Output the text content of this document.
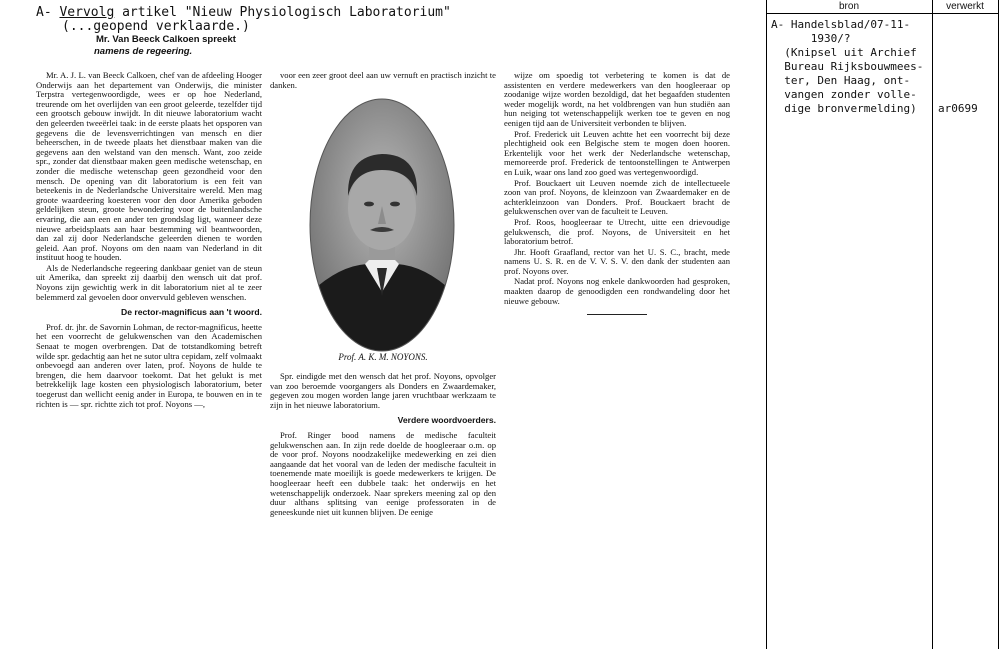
A- Vervolg artikel "Nieuw Physiologisch Laboratorium"
(...geopend verklaarde.)
Mr. Van Beeck Calkoen spreekt
namens de regeering.

Mr. A. J. L. van Beeck Calkoen, chef van de afdeeling Hooger Onderwijs aan het departement van Onderwijs, die minister Terpstra vertegenwoordigde, wees er op hoe Nederland, treurende om het overlijden van een groot geleerde, tezelfder tijd een grootsch gebouw inwijdt. In dit nieuwe laboratorium wacht den geleerden tweeërlei taak: in de eerste plaats het opsporen van gegevens die de levensverrichtingen van mensch en dier beheerschen, in de tweede plaats het dienstbaar maken van die gegevens aan den welstand van den mensch. Want, zoo zeide spr., zonder dat dienstbaar maken geen medische wetenschap, en zonder die medische wetenschap geen gezondheid voor den mensch. De opening van dit laboratorium is een feit van beteekenis in de Nederlandsche Universitaire wereld. Men mag groote waardeering koesteren voor den door Amerika geboden geldelijken steun, groote bewondering voor de buitenlandsche ervaring, die aan een en ander ten grondslag ligt, wanneer deze nieuwe arbeidsplaats aan haar bestemming wil beantwoorden, dan zal zij door Nederlandsche geleerden dienen te worden geleid. Aan prof. Noyons om den naam van Nederland in dit instituut hoog te houden.

Als de Nederlandsche regeering dankbaar geniet van de steun uit Amerika, dan spreekt zij daarbij den wensch uit dat prof. Noyons zijn gewichtig werk in dit laboratorium niet al te zeer belemmerd zal gevoelen door onvervuld gebleven wenschen.

De rector-magnificus aan 't woord.

Prof. dr. jhr. de Savornin Lohman, de rector-magnificus, heette het een voorrecht de gelukwenschen van den Academischen Senaat te mogen overbrengen. Dat de totstandkoming betreft wilde spr. gedachtig aan het ne sutor ultra cepidam, zelf volmaakt onbevoegd aan anderen over laten, prof. Noyons de hulde te brengen, die hem daarvoor toekomt. Dat het gelukt is met betrekkelijk lage kosten een physiologisch laboratorium, beter toegerust dan wellicht eenig ander in Europa, te bouwen en in te richten is — spr. richtte zich tot prof. Noyons —,

voor een zeer groot deel aan uw vernuft en practisch inzicht te danken.

Prof. A. K. M. NOYONS.

Spr. eindigde met den wensch dat het prof. Noyons, opvolger van zoo beroemde voorgangers als Donders en Zwaardemaker, gegeven zou mogen worden lange jaren vruchtbaar werkzaam te zijn in het nieuwe laboratorium.

Verdere woordvoerders.

Prof. Ringer bood namens de medische faculteit gelukwenschen aan. In zijn rede doelde de hoogleeraar o.m. op de voor prof. Noyons noodzakelijke medewerking en zei dien aangaande dat het vooral van de leden der medische faculteit in toenemende mate moeilijk is goede medewerkers te krijgen. De hoogleeraar heeft een dubbele taak: het onderwijs en het wetenschappelijk onderzoek. Naar sprekers meening zal op den duur althans splitsing van eenige professoraten in de geneeskunde niet uit kunnen blijven. De eenige

wijze om spoedig tot verbetering te komen is dat de assistenten en verdere medewerkers van den hoogleeraar op zoodanige wijze worden bezoldigd, dat het begaafden studenten weder mogelijk wordt, na het voldbrengen van hun studiën aan hun neiging tot wetenschappelijk werken toe te geven en nog eenigen tijd aan de Universiteit verbonden te blijven.

Prof. Frederick uit Leuven achtte het een voorrecht bij deze plechtigheid ook een Belgische stem te mogen doen hooren. Erkentelijk voor het werk der Nederlandsche wetenschap, memoreerde prof. Frederick de tentoonstellingen te Antwerpen en Luik, waar ons land zoo goed was vertegenwoordigd.

Prof. Bouckaert uit Leuven noemde zich de intellectueele zoon van prof. Noyons, de kleinzoon van Zwaardemaker en de achterkleinzoon van Donders. Prof. Bouckaert bracht de gelukwenschen over van de faculteit te Leuven.

Prof. Roos, hoogleeraar te Utrecht, uitte een drievoudige gelukwensch, die prof. Noyons, de Universiteit en het laboratorium betrof.

Jhr. Hooft Graafland, rector van het U. S. C., bracht, mede namens U. S. R. en de V. V. S. V. den dank der studenten aan prof. Noyons over.

Nadat prof. Noyons nog enkele dankwoorden had gesproken, maakten daarop de genoodigden een rondwandeling door het nieuwe gebouw.

bron	verwerkt
A- Handelsblad/07-11-
1930/?
(Knipsel uit Archief
Bureau Rijksbouwmees-
ter, Den Haag, ont-
vangen zonder volle-
dige bronvermelding)	ar0699
